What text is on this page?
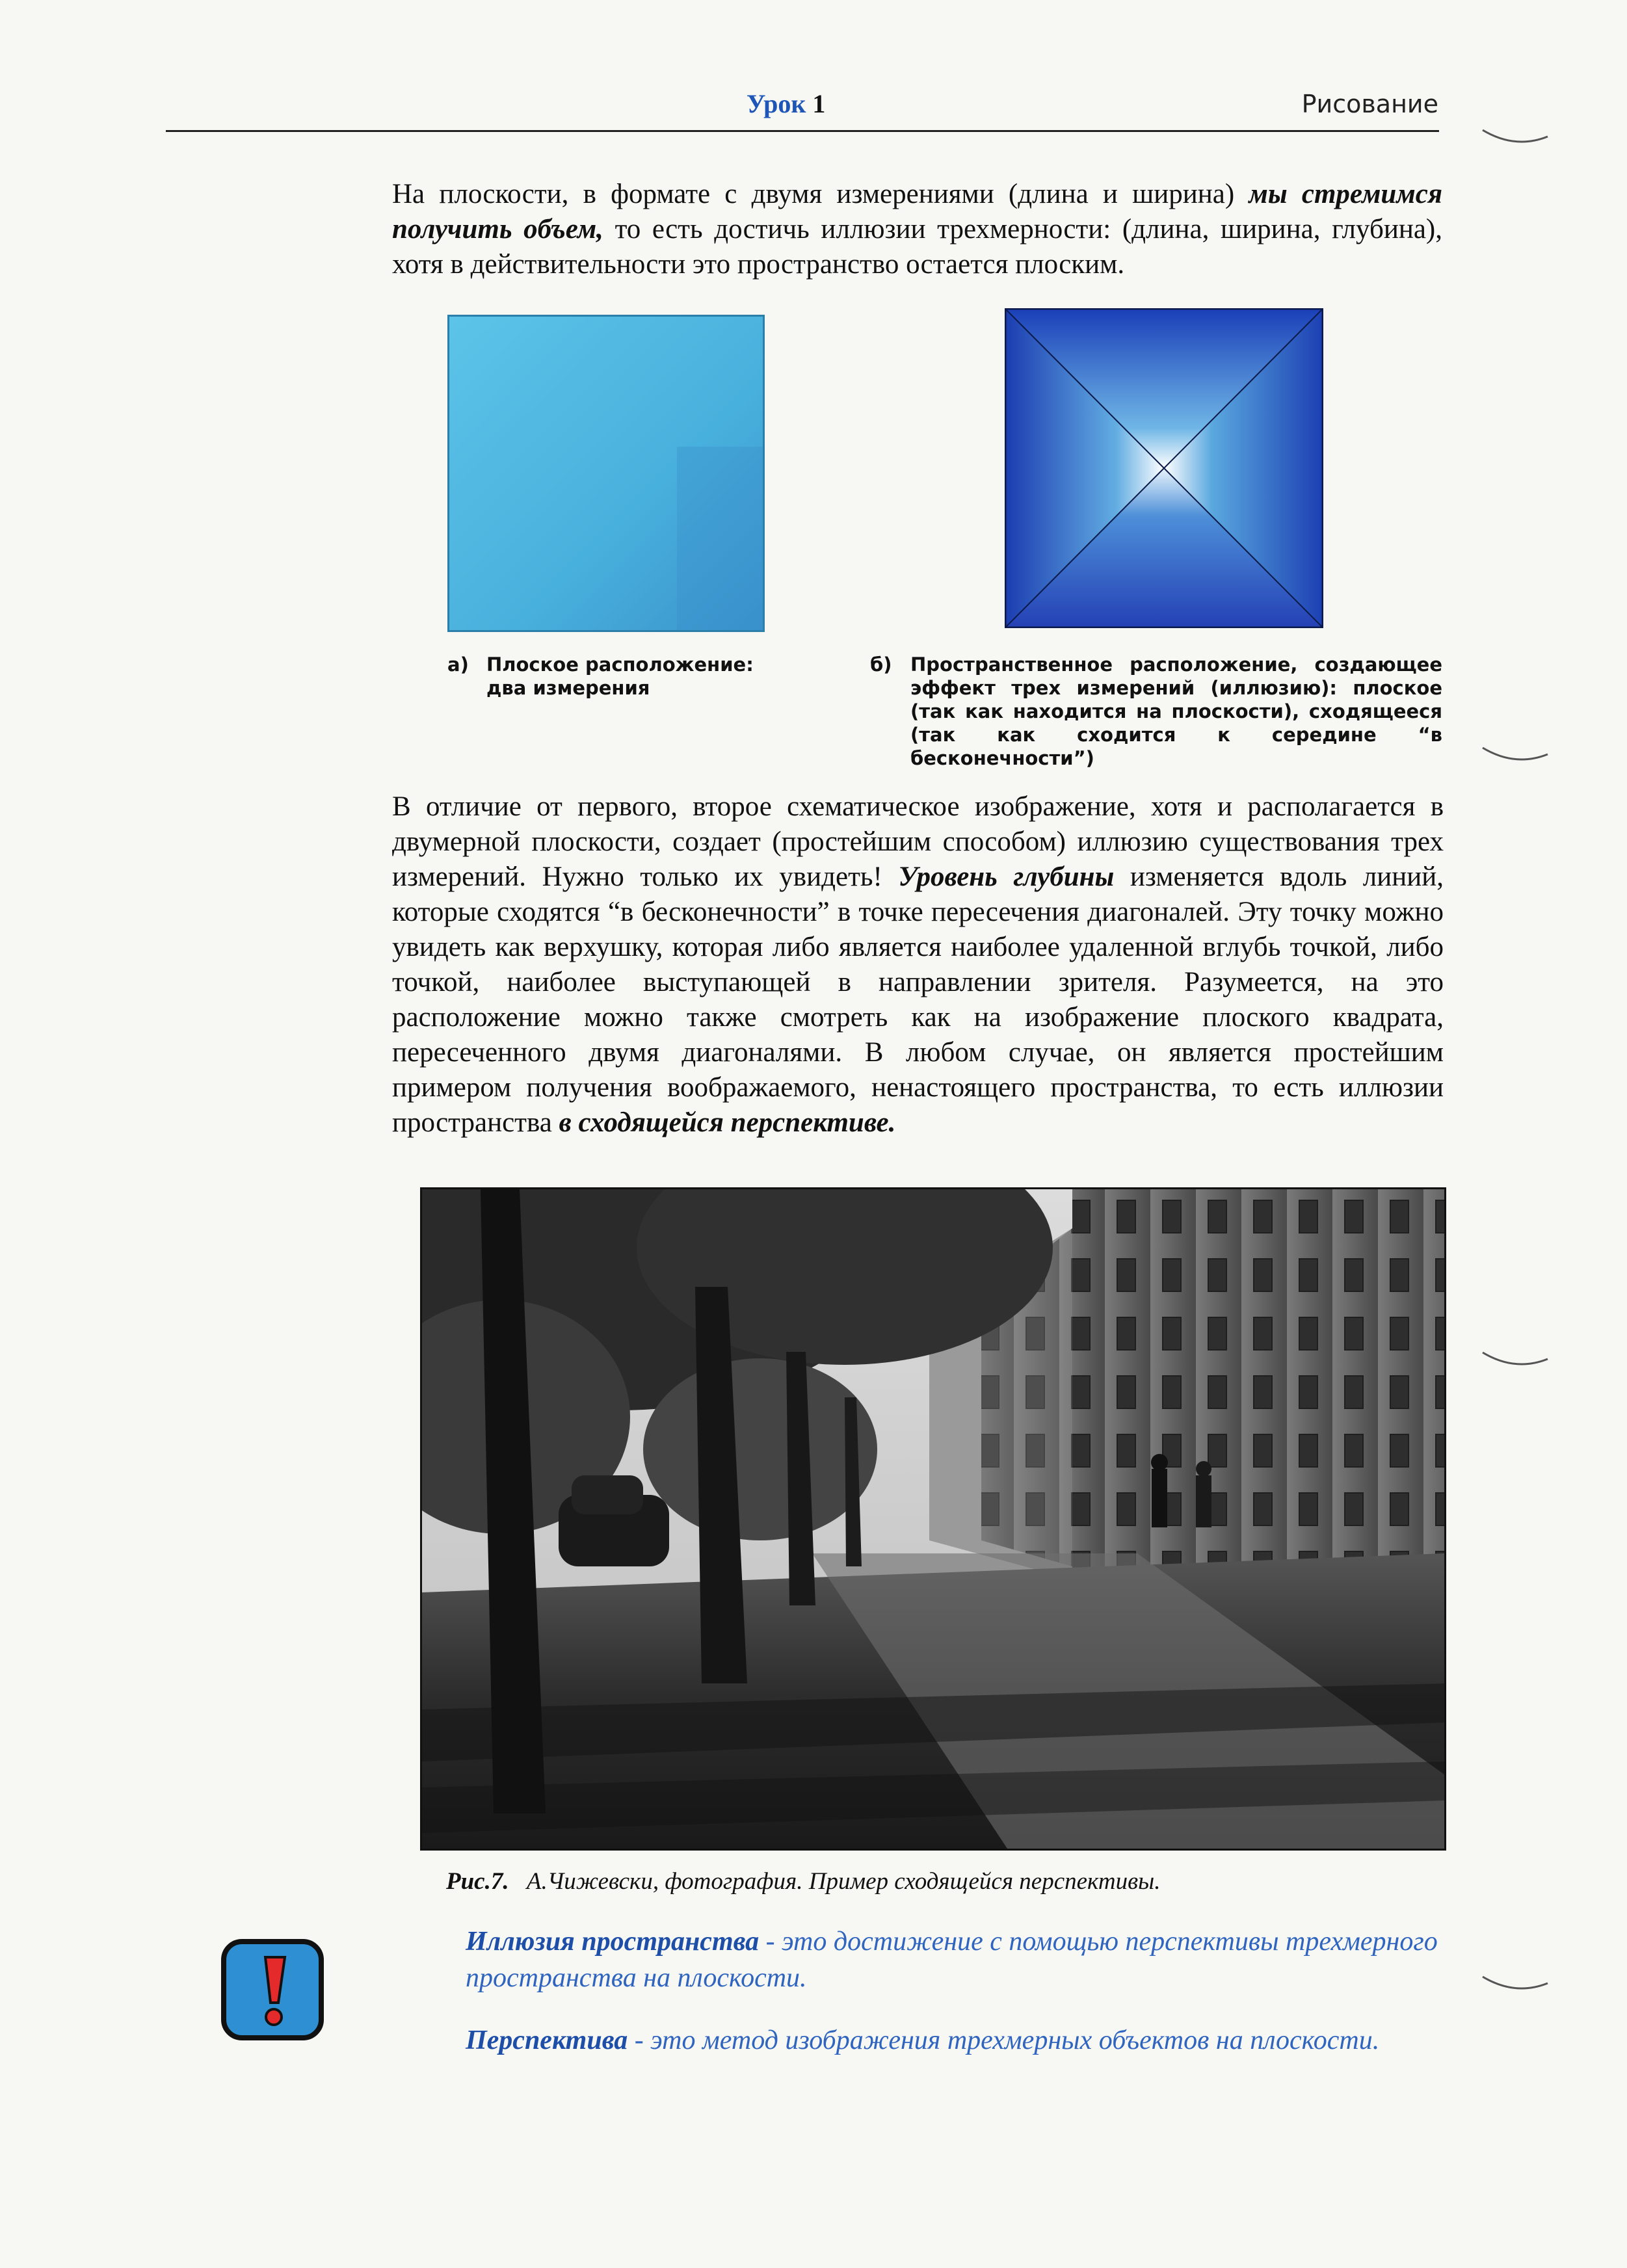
Урок 1	Рисование
На плоскости, в формате с двумя измерениями (длина и ширина) мы стремимся получить объем, то есть достичь иллюзии трехмерности: (длина, ширина, глубина), хотя в действительности это пространство остается плоским.
а) Плоское расположение: два измерения
б) Пространственное расположение, создающее эффект трех измерений (иллюзию): плоское (так как находится на плоскости), сходящееся (так как сходится к середине “в бесконечности”)
В отличие от первого, второе схематическое изображение, хотя и располагается в двумерной плоскости, создает (простейшим способом) иллюзию существования трех измерений. Нужно только их увидеть! Уровень глубины изменяется вдоль линий, которые сходятся “в бесконечности” в точке пересечения диагоналей. Эту точку можно увидеть как верхушку, которая либо является наиболее удаленной вглубь точкой, либо точкой, наиболее выступающей в направлении зрителя. Разумеется, на это расположение можно также смотреть как на изображение плоского квадрата, пересеченного двумя диагоналями. В любом случае, он является простейшим примером получения воображаемого, ненастоящего пространства, то есть иллюзии пространства в сходящейся перспективе.
Рис.7. А.Чижевски, фотография. Пример сходящейся перспективы.
Иллюзия пространства - это достижение с помощью перспективы трехмерного пространства на плоскости.
Перспектива - это метод изображения трехмерных объектов на плоскости.
